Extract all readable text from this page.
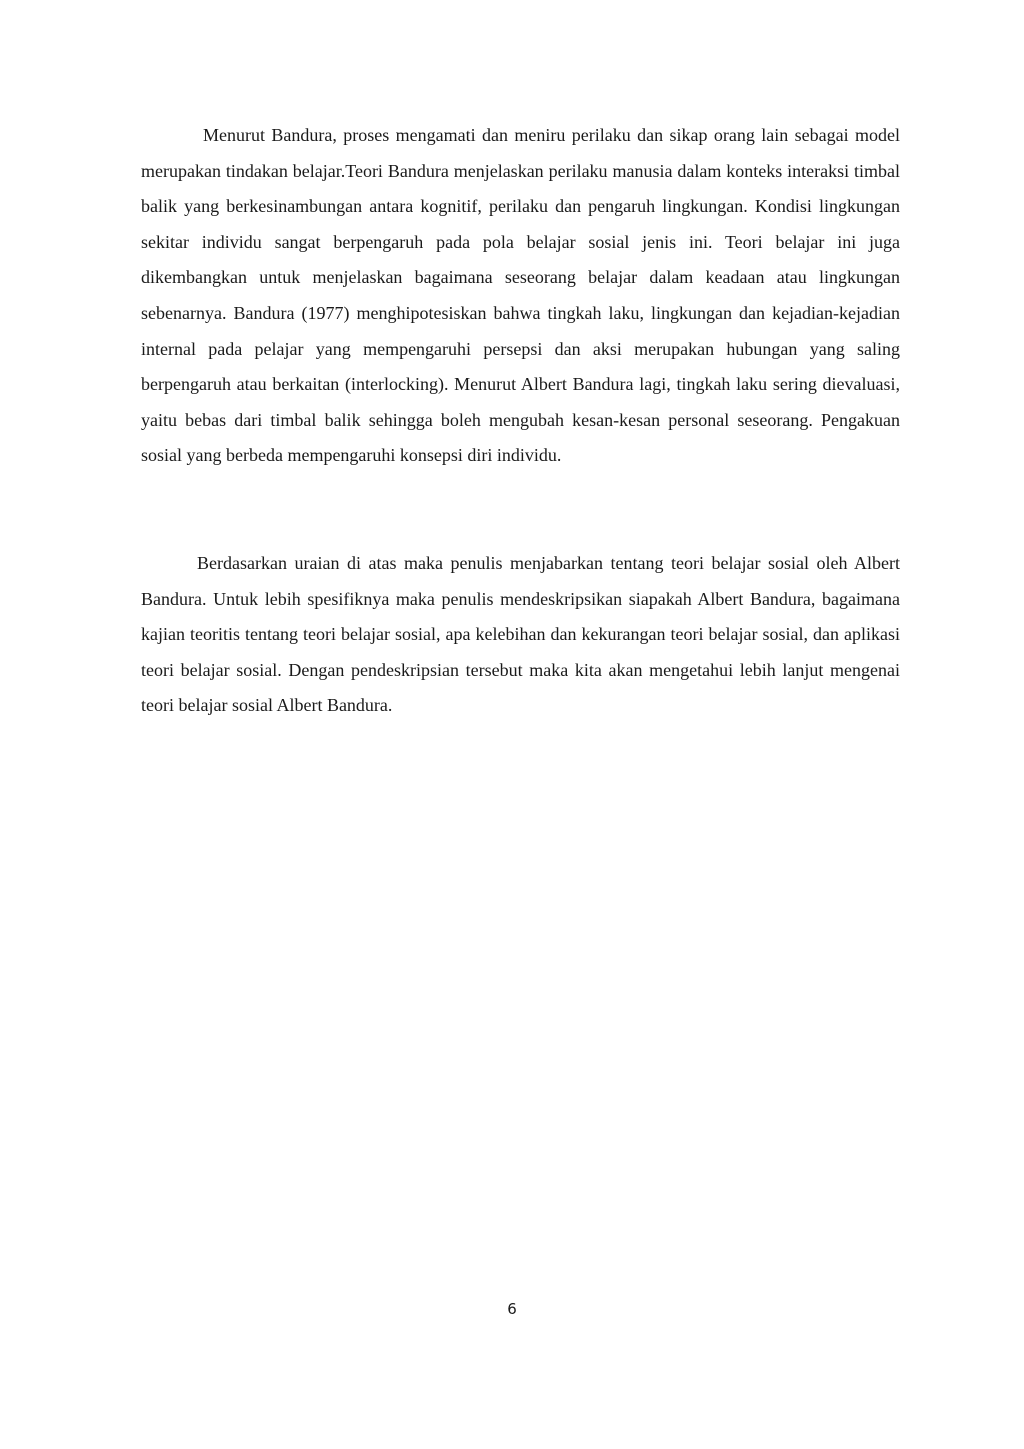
Menurut Bandura, proses mengamati dan meniru perilaku dan sikap orang lain sebagai model merupakan tindakan belajar.Teori Bandura menjelaskan perilaku manusia dalam konteks interaksi timbal balik yang berkesinambungan antara kognitif, perilaku dan pengaruh lingkungan. Kondisi lingkungan sekitar individu sangat berpengaruh pada pola belajar sosial jenis ini. Teori belajar ini juga dikembangkan untuk menjelaskan bagaimana seseorang belajar dalam keadaan atau lingkungan sebenarnya. Bandura (1977) menghipotesiskan bahwa tingkah laku, lingkungan dan kejadian-kejadian internal pada pelajar yang mempengaruhi persepsi dan aksi merupakan hubungan yang saling berpengaruh atau berkaitan (interlocking). Menurut Albert Bandura lagi, tingkah laku sering dievaluasi, yaitu bebas dari timbal balik sehingga boleh mengubah kesan-kesan personal seseorang. Pengakuan sosial yang berbeda mempengaruhi konsepsi diri individu.

Berdasarkan uraian di atas maka penulis menjabarkan tentang teori belajar sosial oleh Albert Bandura. Untuk lebih spesifiknya maka penulis mendeskripsikan siapakah Albert Bandura, bagaimana kajian teoritis tentang teori belajar sosial, apa kelebihan dan kekurangan teori belajar sosial, dan aplikasi teori belajar sosial. Dengan pendeskripsian tersebut maka kita akan mengetahui lebih lanjut mengenai teori belajar sosial Albert Bandura.

6
